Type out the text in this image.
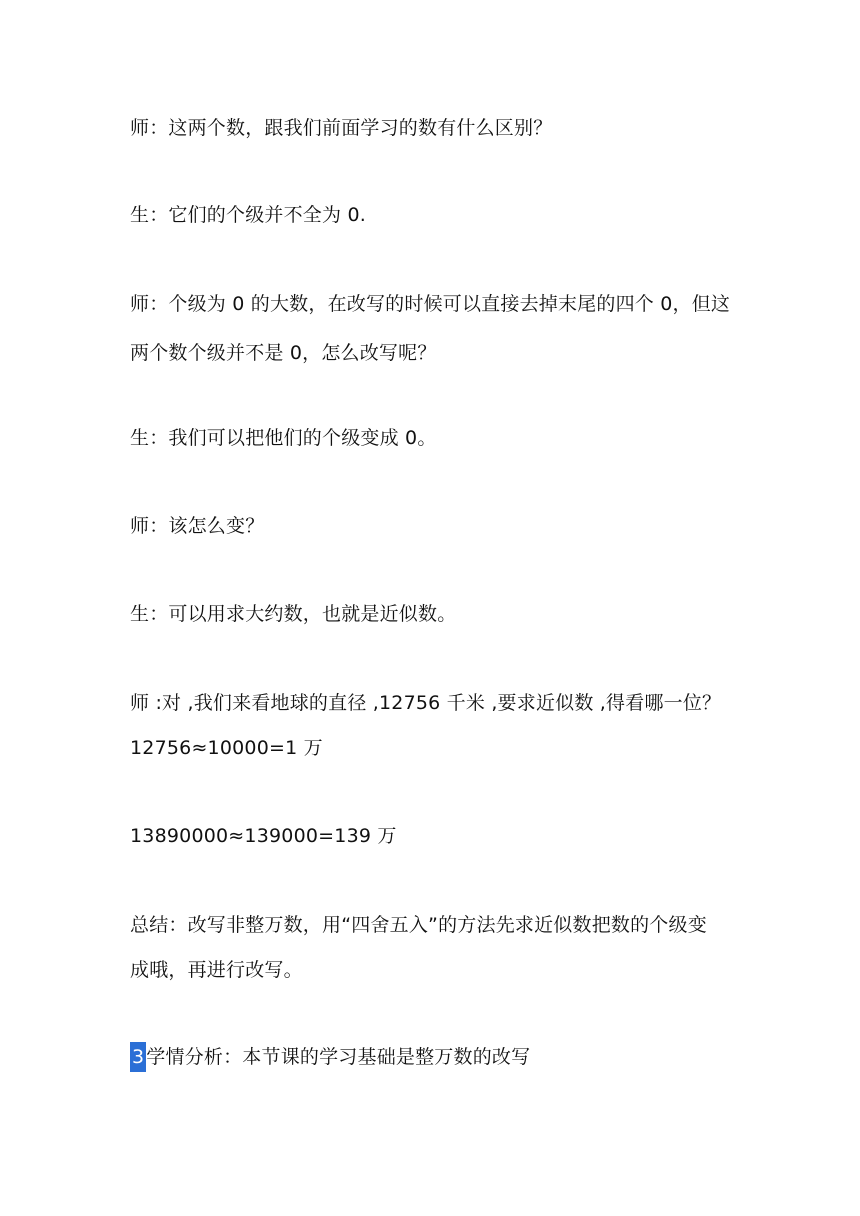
师：这两个数，跟我们前面学习的数有什么区别？
生：它们的个级并不全为 0.
师：个级为 0 的大数，在改写的时候可以直接去掉末尾的四个 0，但这
两个数个级并不是 0，怎么改写呢？
生：我们可以把他们的个级变成 0。
师：该怎么变？
生：可以用求大约数，也就是近似数。
师 :对 ,我们来看地球的直径 ,12756 千米 ,要求近似数 ,得看哪一位？
12756≈10000=1 万
13890000≈139000=139 万
总结：改写非整万数，用“四舍五入”的方法先求近似数把数的个级变
成哦，再进行改写。
3 学情分析：本节课的学习基础是整万数的改写
